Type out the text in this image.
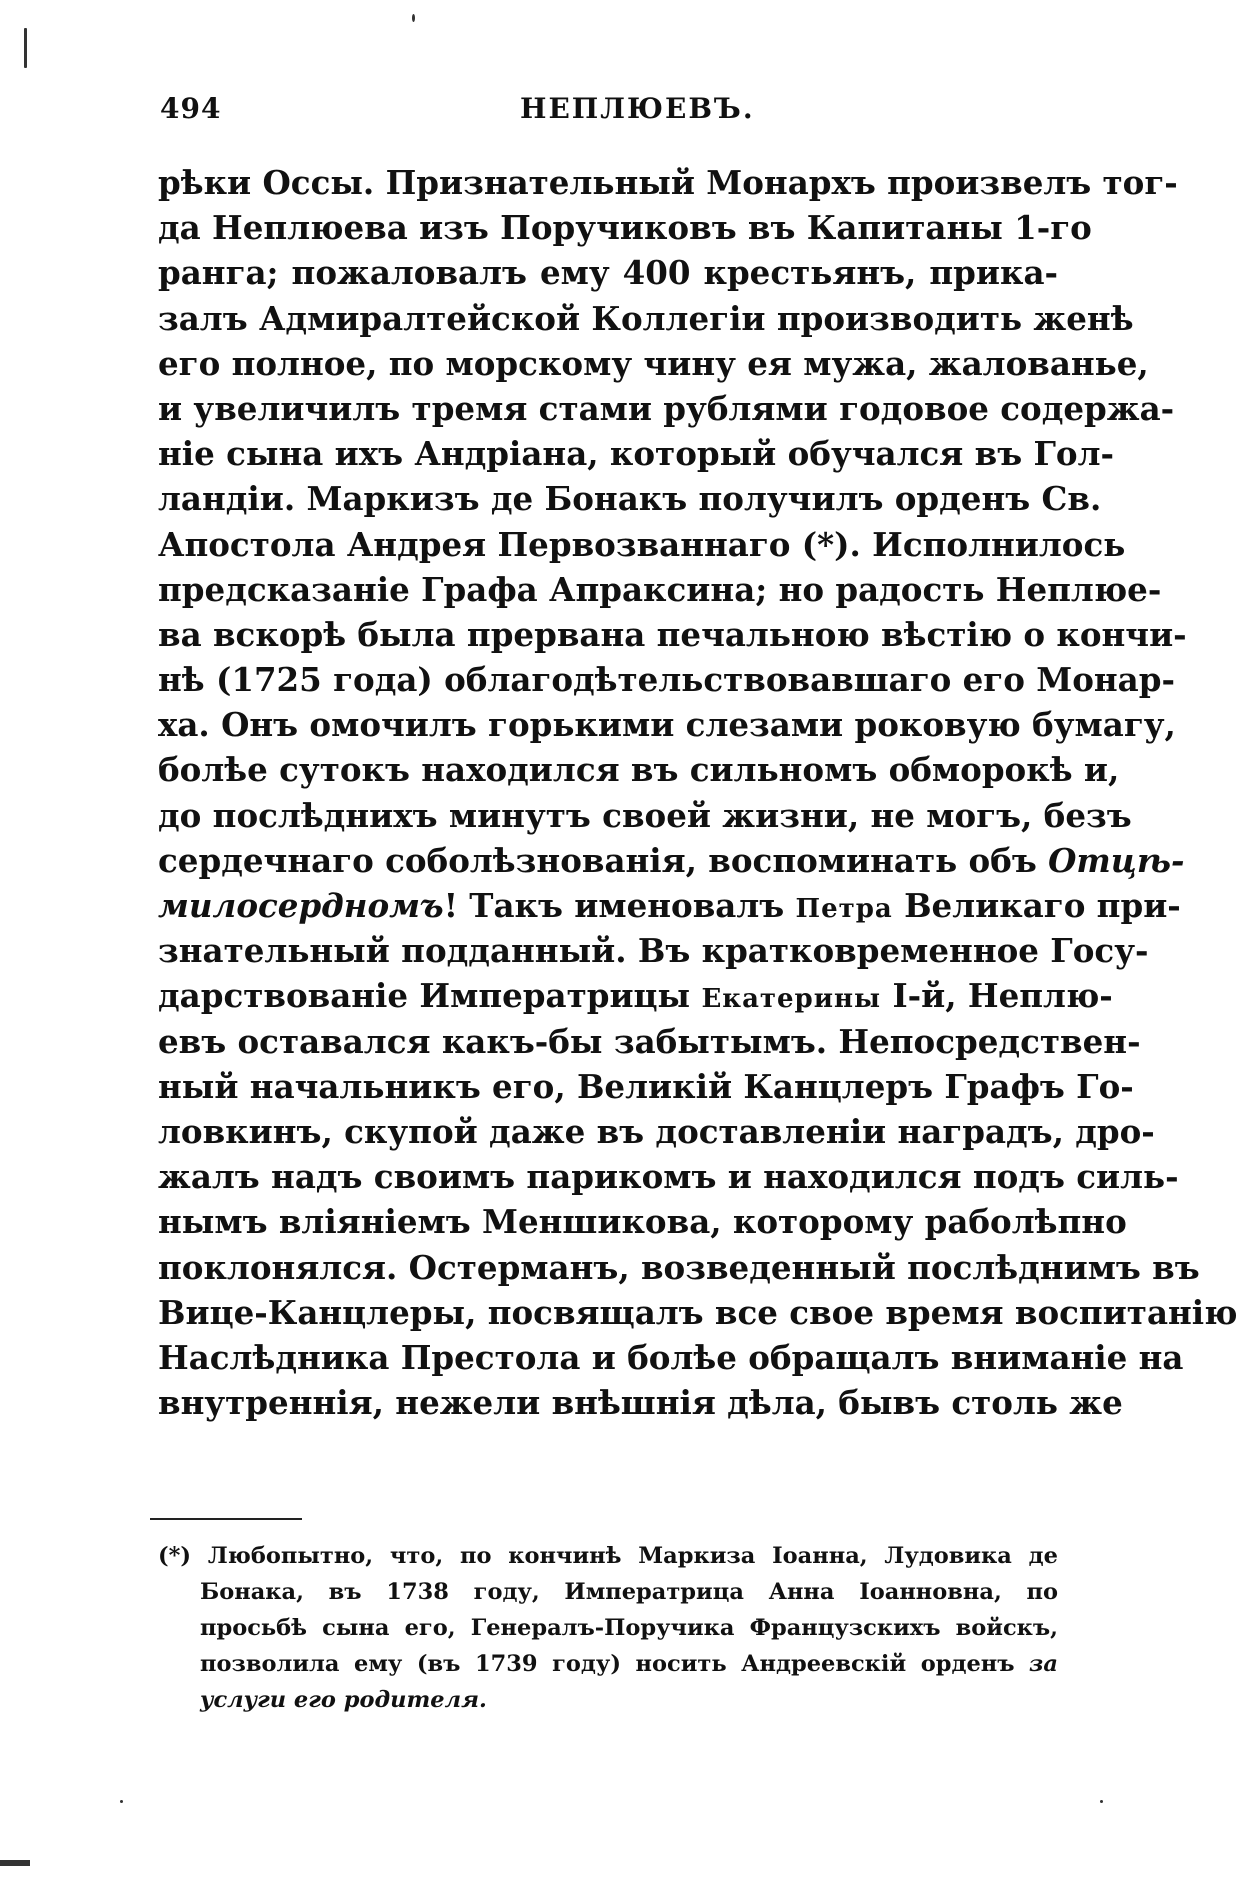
494	НЕПЛЮЕВЪ.
рѣки Оссы. Признательный Монархъ произвелъ тог-
да Неплюева изъ Поручиковъ въ Капитаны 1-го
ранга; пожаловалъ ему 400 крестьянъ, прика-
залъ Адмиралтейской Коллегіи производить женѣ
его полное, по морскому чину ея мужа, жалованье,
и увеличилъ тремя стами рублями годовое содержа-
ніе сына ихъ Андріана, который обучался въ Гол-
ландіи. Маркизъ де Бонакъ получилъ орденъ Св.
Апостола Андрея Первозваннаго (*). Исполнилось
предсказаніе Графа Апраксина; но радость Неплюе-
ва вскорѣ была прервана печальною вѣстію о кончи-
нѣ (1725 года) облагодѣтельствовавшаго его Монар-
ха. Онъ омочилъ горькими слезами роковую бумагу,
болѣе сутокъ находился въ сильномъ обморокѣ и,
до послѣднихъ минутъ своей жизни, не могъ, безъ
сердечнаго соболѣзнованія, воспоминать объ Отцѣ-
милосердномъ! Такъ именовалъ Петра Великаго при-
знательный подданный. Въ кратковременное Госу-
дарствованіе Императрицы Екатерины I-й, Неплю-
евъ оставался какъ-бы забытымъ. Непосредствен-
ный начальникъ его, Великій Канцлеръ Графъ Го-
ловкинъ, скупой даже въ доставленіи наградъ, дро-
жалъ надъ своимъ парикомъ и находился подъ силь-
нымъ вліяніемъ Меншикова, которому раболѣпно
поклонялся. Остерманъ, возведенный послѣднимъ въ
Вице-Канцлеры, посвящалъ все свое время воспитанію
Наслѣдника Престола и болѣе обращалъ вниманіе на
внутреннія, нежели внѣшнія дѣла, бывъ столь же
(*) Любопытно, что, по кончинѣ Маркиза Іоанна, Лудовика де
Бонака, въ 1738 году, Императрица Анна Іоанновна, по
просьбѣ сына его, Генералъ-Поручика Французскихъ войскъ,
позволила ему (въ 1739 году) носить Андреевскій орденъ за
услуги его родителя.
